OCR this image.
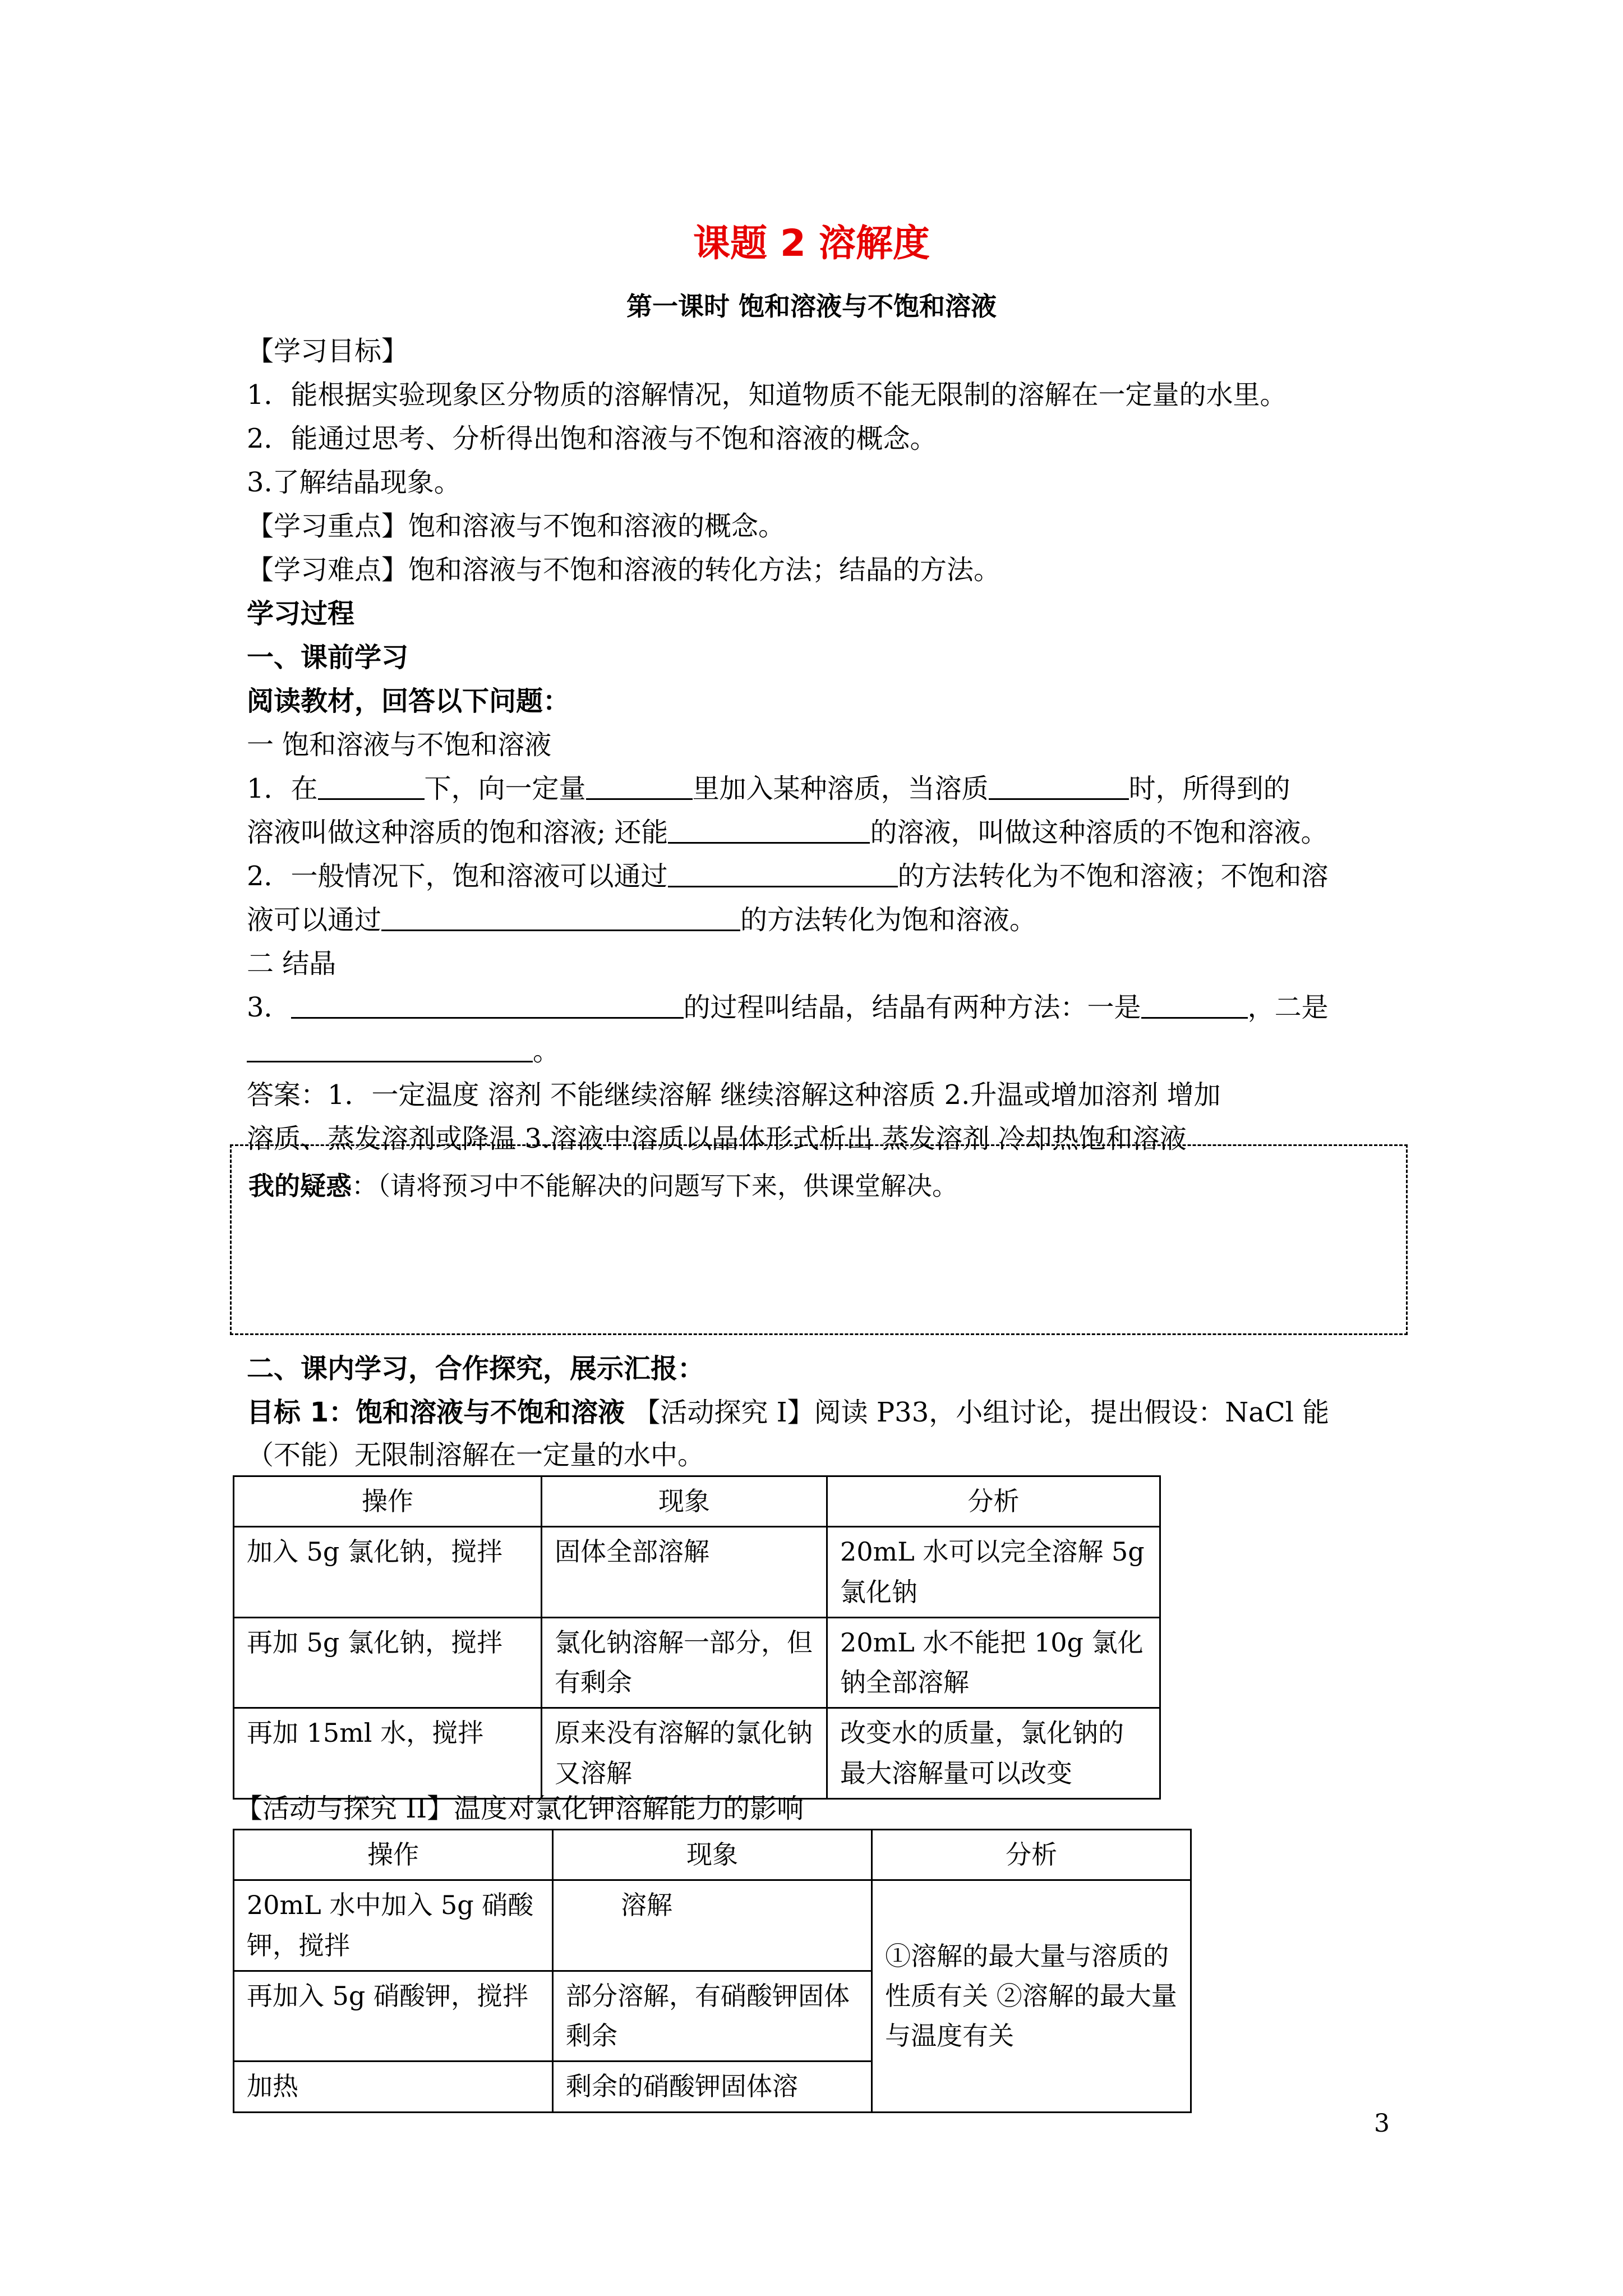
课题 2 溶解度
第一课时 饱和溶液与不饱和溶液
【学习目标】
1．能根据实验现象区分物质的溶解情况，知道物质不能无限制的溶解在一定量的水里。
2．能通过思考、分析得出饱和溶液与不饱和溶液的概念。
3.了解结晶现象。
【学习重点】饱和溶液与不饱和溶液的概念。
【学习难点】饱和溶液与不饱和溶液的转化方法；结晶的方法。
学习过程
一、课前学习
阅读教材，回答以下问题：
一 饱和溶液与不饱和溶液
1．在	下，向一定量	里加入某种溶质，当溶质	时，所得到的
溶液叫做这种溶质的饱和溶液; 还能	的溶液，叫做这种溶质的不饱和溶液。
2．一般情况下，饱和溶液可以通过	的方法转化为不饱和溶液；不饱和溶
液可以通过	的方法转化为饱和溶液。
二 结晶
3．	的过程叫结晶，结晶有两种方法：一是	，二是
。
答案：1．一定温度 溶剂 不能继续溶解 继续溶解这种溶质 2.升温或增加溶剂 增加
溶质、蒸发溶剂或降温 3.溶液中溶质以晶体形式析出 蒸发溶剂 冷却热饱和溶液
我的疑惑：（请将预习中不能解决的问题写下来，供课堂解决。
二、课内学习，合作探究，展示汇报：
目标 1：饱和溶液与不饱和溶液 【活动探究 I】阅读 P33，小组讨论，提出假设：NaCl 能
（不能）无限制溶解在一定量的水中。
操作	现象	分析
加入 5g 氯化钠，搅拌	固体全部溶解	20mL 水可以完全溶解 5g 氯化钠
再加 5g 氯化钠，搅拌	氯化钠溶解一部分，但有剩余	20mL 水不能把 10g 氯化钠全部溶解
再加 15ml 水，搅拌	原来没有溶解的氯化钠又溶解	改变水的质量，氯化钠的最大溶解量可以改变
【活动与探究 II】温度对氯化钾溶解能力的影响
操作	现象	分析
20mL 水中加入 5g 硝酸钾，搅拌	溶解	①溶解的最大量与溶质的性质有关 ②溶解的最大量与温度有关
再加入 5g 硝酸钾，搅拌	部分溶解，有硝酸钾固体剩余	
加热	剩余的硝酸钾固体溶	
3
